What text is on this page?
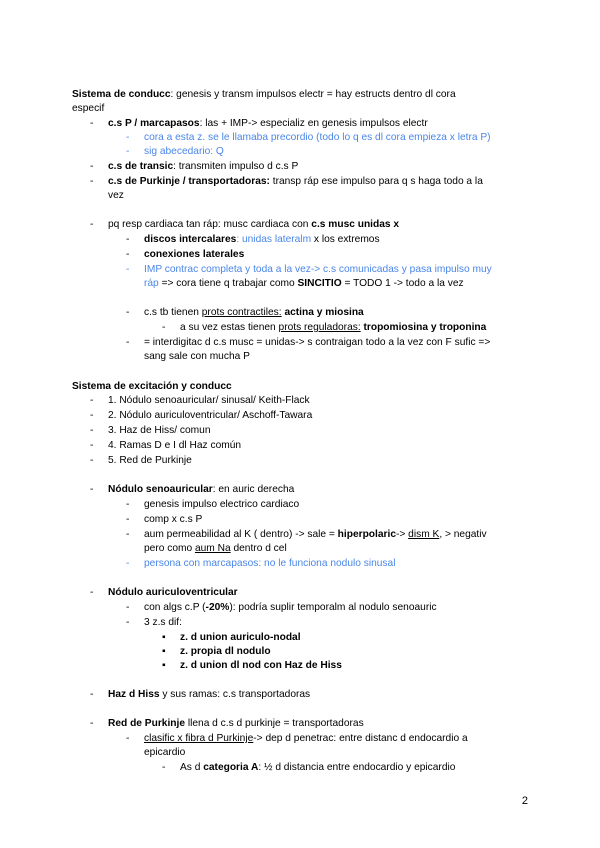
Sistema de conducc: genesis y transm impulsos electr = hay estructs dentro dl cora
especif
- c.s P / marcapasos: las + IMP-> especializ en genesis impulsos electr
- cora a esta z. se le llamaba precordio (todo lo q es dl cora empieza x letra P)
- sig abecedario: Q
- c.s de transic: transmiten impulso d c.s P
- c.s de Purkinje / transportadoras: transp ráp ese impulso para q s haga todo a la
vez
- pq resp cardiaca tan ráp: musc cardiaca con c.s musc unidas x
- discos intercalares: unidas lateralm x los extremos
- conexiones laterales
- IMP contrac completa y toda a la vez-> c.s comunicadas y pasa impulso muy
ráp => cora tiene q trabajar como SINCITIO = TODO 1 -> todo a la vez
- c.s tb tienen prots contractiles: actina y miosina
- a su vez estas tienen prots reguladoras: tropomiosina y troponina
- = interdigitac d c.s musc = unidas-> s contraigan todo a la vez con F sufic =>
sang sale con mucha P
Sistema de excitación y conducc
- 1. Nódulo senoauricular/ sinusal/ Keith-Flack
- 2. Nódulo auriculoventricular/ Aschoff-Tawara
- 3. Haz de Hiss/ comun
- 4. Ramas D e I dl Haz común
- 5. Red de Purkinje
- Nódulo senoauricular: en auric derecha
- genesis impulso electrico cardiaco
- comp x c.s P
- aum permeabilidad al K ( dentro) -> sale = hiperpolaric-> dism K, > negativ
pero como aum Na dentro d cel
- persona con marcapasos: no le funciona nodulo sinusal
- Nódulo auriculoventricular
- con algs c.P (-20%): podría suplir temporalm al nodulo senoauric
- 3 z.s dif:
▪ z. d union auriculo-nodal
▪ z. propia dl nodulo
▪ z. d union dl nod con Haz de Hiss
- Haz d Hiss y sus ramas: c.s transportadoras
- Red de Purkinje llena d c.s d purkinje = transportadoras
- clasific x fibra d Purkinje-> dep d penetrac: entre distanc d endocardio a
epicardio
- As d categoria A: ½ d distancia entre endocardio y epicardio
2
